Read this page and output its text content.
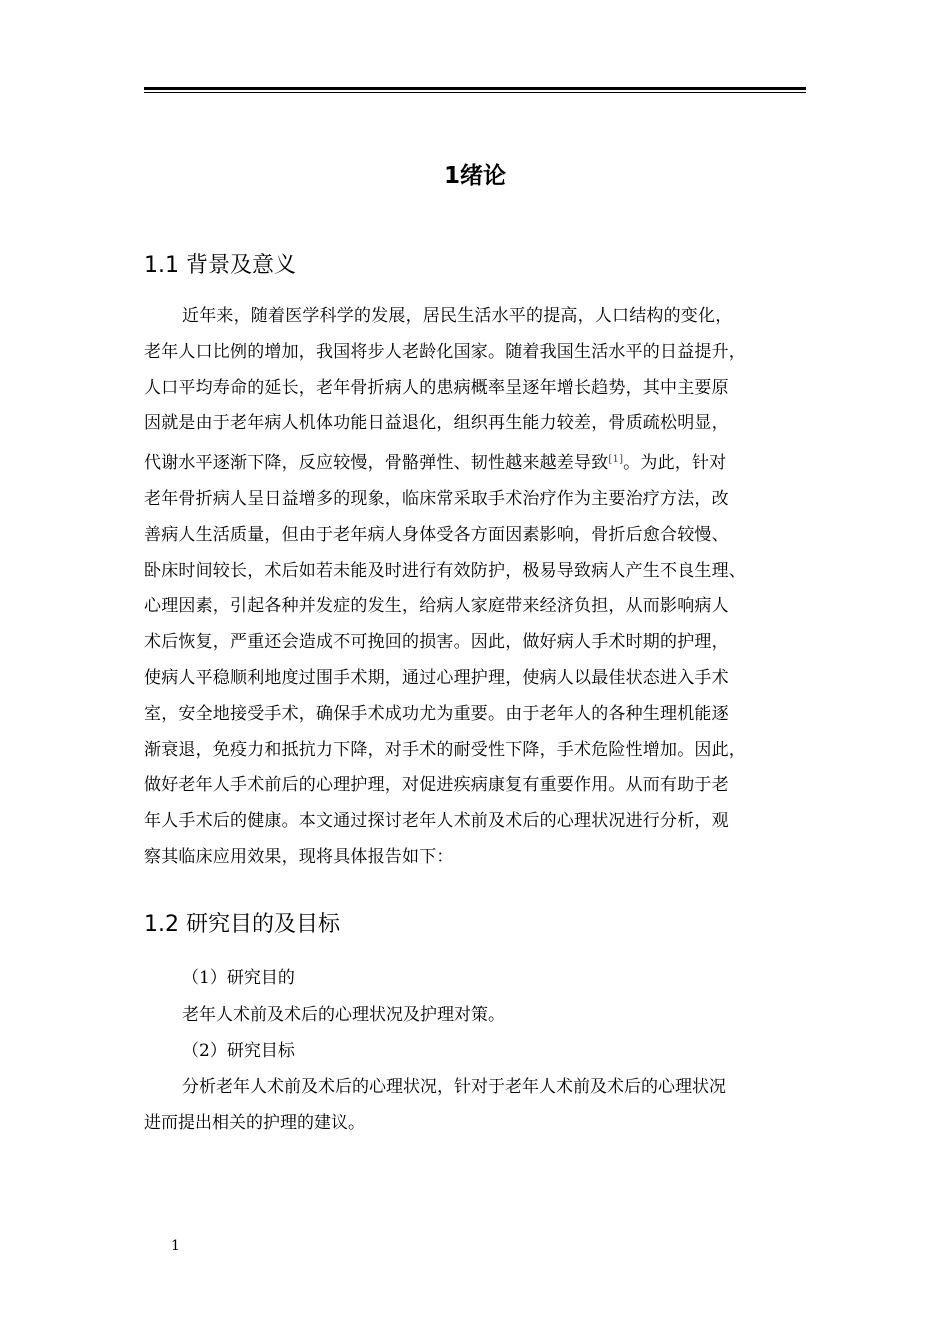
1绪论
1.1 背景及意义
近年来，随着医学科学的发展，居民生活水平的提高，人口结构的变化，
老年人口比例的增加，我国将步人老龄化国家。随着我国生活水平的日益提升，
人口平均寿命的延长，老年骨折病人的患病概率呈逐年增长趋势，其中主要原
因就是由于老年病人机体功能日益退化，组织再生能力较差，骨质疏松明显，
代谢水平逐渐下降，反应较慢，骨骼弹性、韧性越来越差导致[1]。为此，针对
老年骨折病人呈日益增多的现象，临床常采取手术治疗作为主要治疗方法，改
善病人生活质量，但由于老年病人身体受各方面因素影响，骨折后愈合较慢、
卧床时间较长，术后如若未能及时进行有效防护，极易导致病人产生不良生理、
心理因素，引起各种并发症的发生，给病人家庭带来经济负担，从而影响病人
术后恢复，严重还会造成不可挽回的损害。因此，做好病人手术时期的护理，
使病人平稳顺利地度过围手术期，通过心理护理，使病人以最佳状态进入手术
室，安全地接受手术，确保手术成功尤为重要。由于老年人的各种生理机能逐
渐衰退，免疫力和抵抗力下降，对手术的耐受性下降，手术危险性增加。因此，
做好老年人手术前后的心理护理，对促进疾病康复有重要作用。从而有助于老
年人手术后的健康。本文通过探讨老年人术前及术后的心理状况进行分析，观
察其临床应用效果，现将具体报告如下：
1.2 研究目的及目标
（1）研究目的
老年人术前及术后的心理状况及护理对策。
（2）研究目标
分析老年人术前及术后的心理状况，针对于老年人术前及术后的心理状况
进而提出相关的护理的建议。
1
